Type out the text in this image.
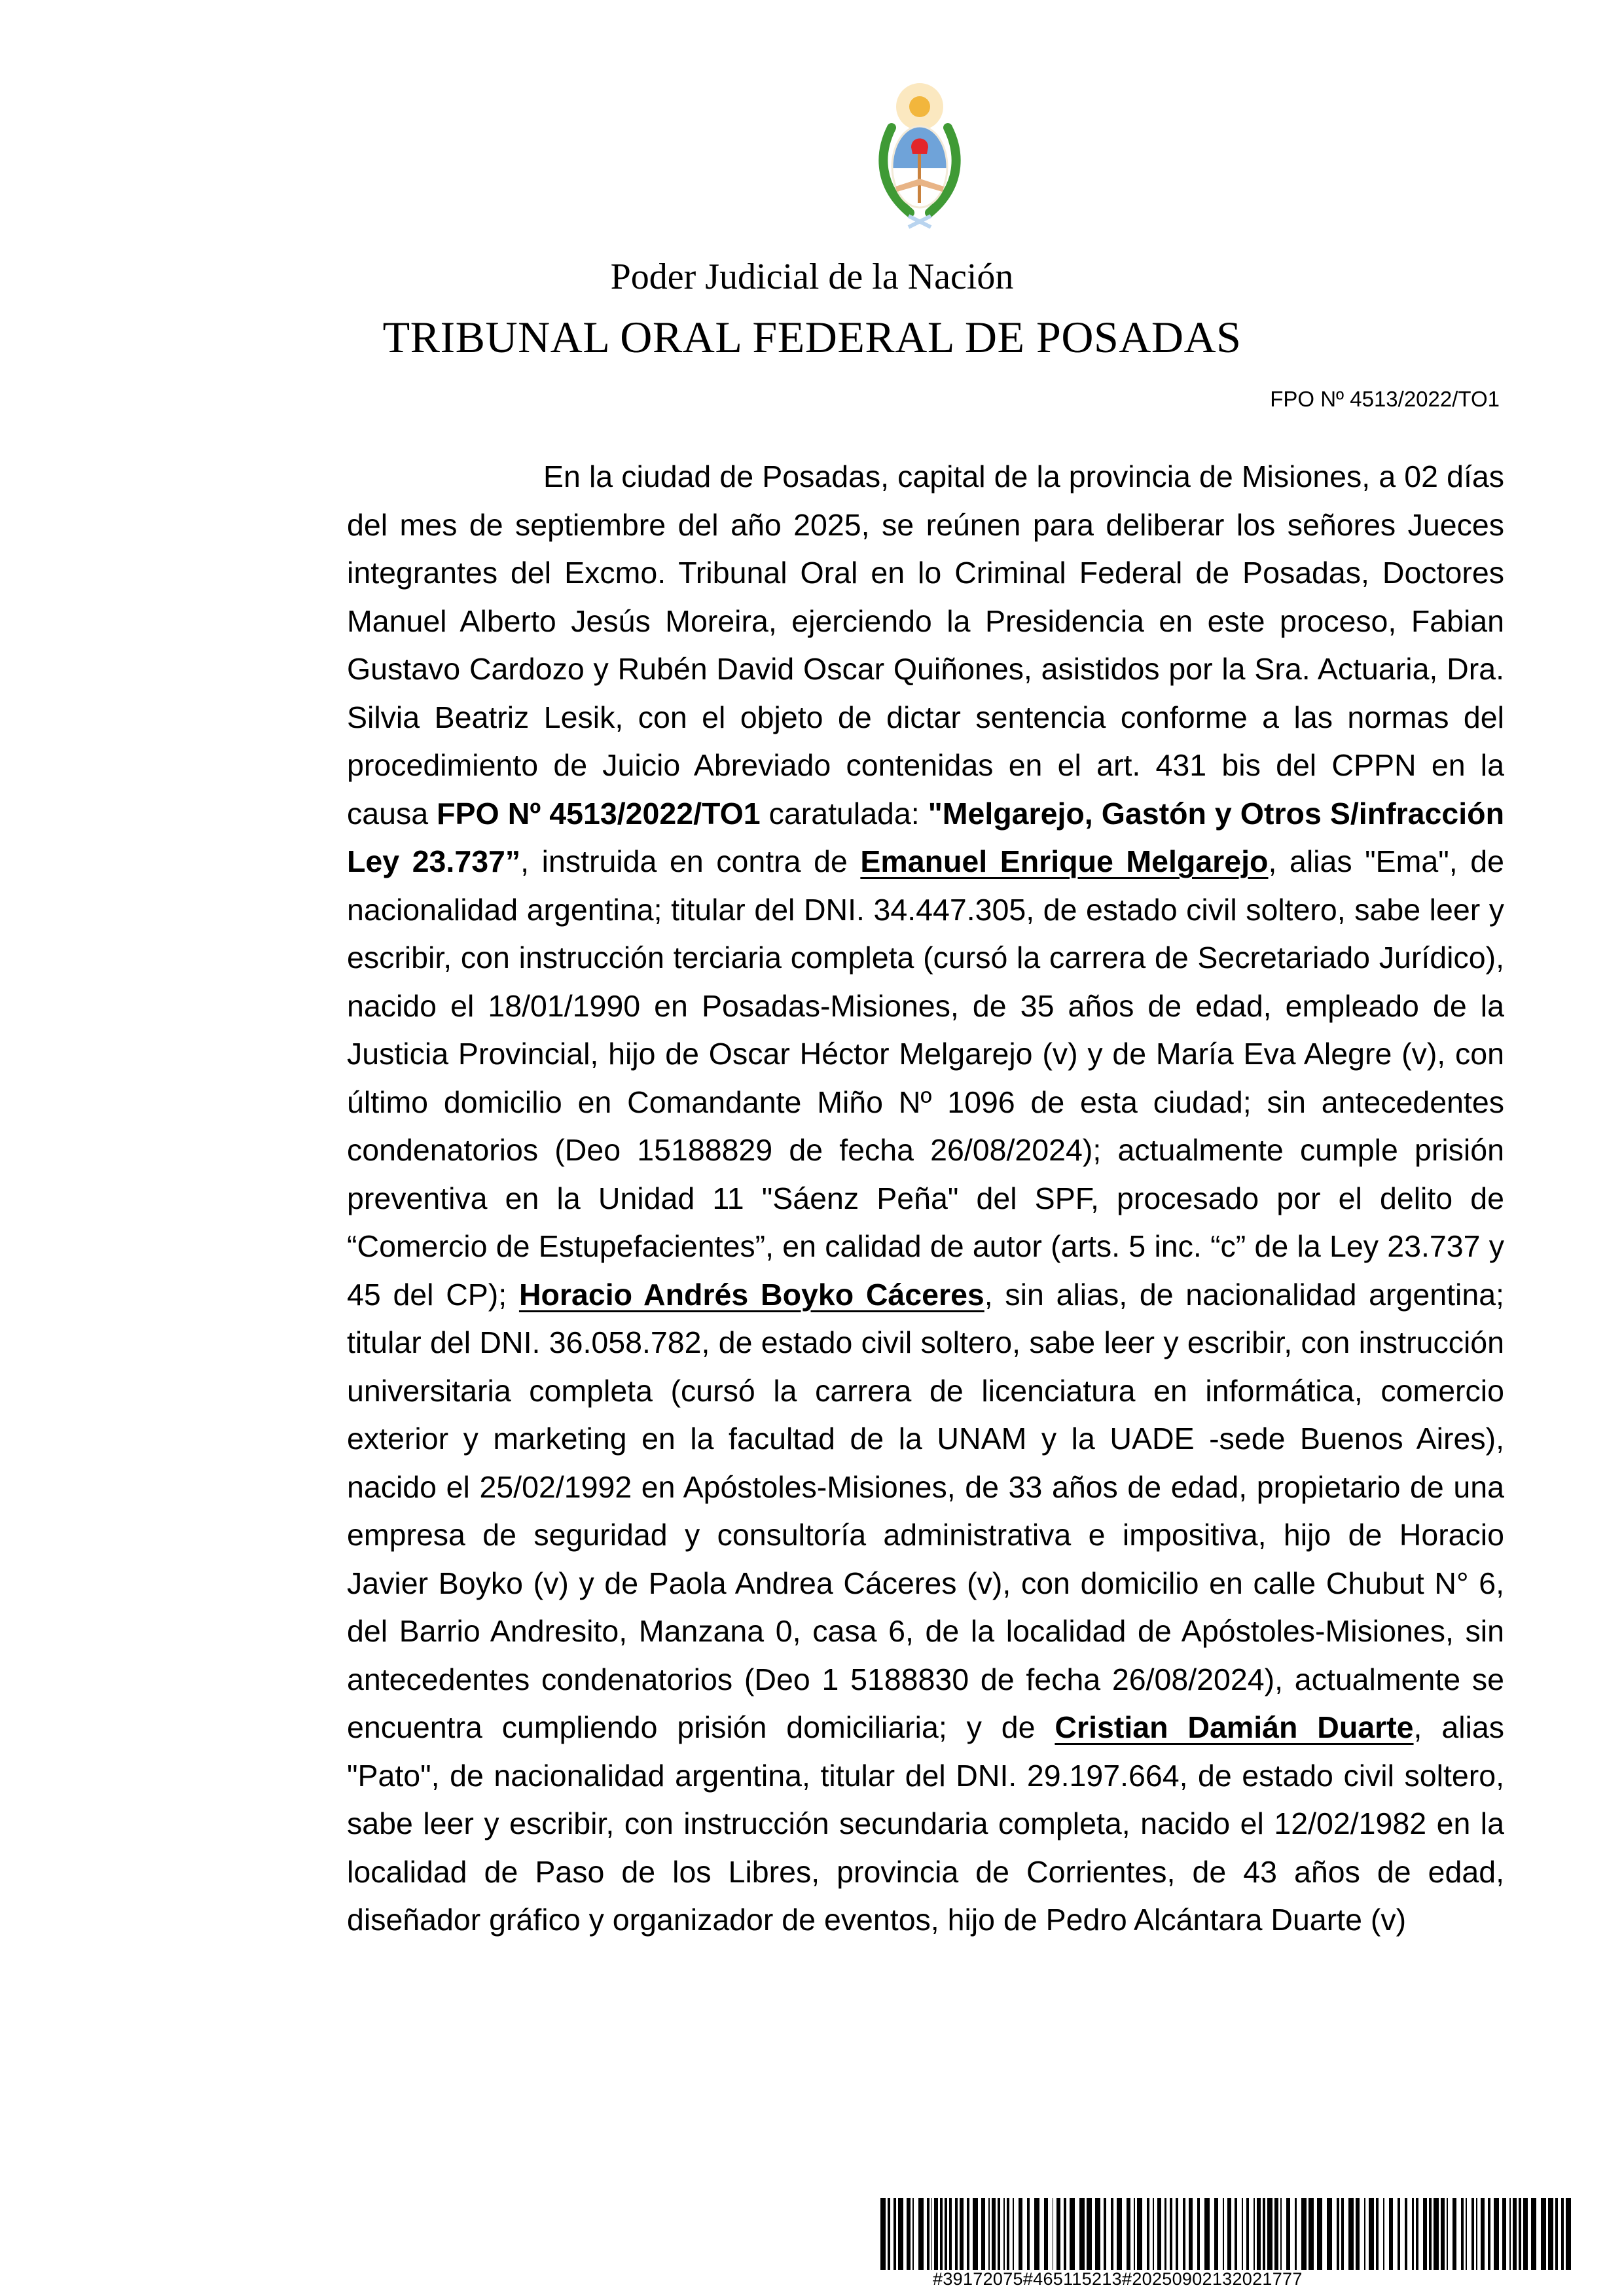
Poder Judicial de la Nación
TRIBUNAL ORAL FEDERAL DE POSADAS
FPO Nº 4513/2022/TO1

En la ciudad de Posadas, capital de la provincia de Misiones, a 02 días del mes de septiembre del año 2025, se reúnen para deliberar los señores Jueces integrantes del Excmo. Tribunal Oral en lo Criminal Federal de Posadas, Doctores Manuel Alberto Jesús Moreira, ejerciendo la Presidencia en este proceso, Fabian Gustavo Cardozo y Rubén David Oscar Quiñones, asistidos por la Sra. Actuaria, Dra. Silvia Beatriz Lesik, con el objeto de dictar sentencia conforme a las normas del procedimiento de Juicio Abreviado contenidas en el art. 431 bis del CPPN en la causa FPO Nº 4513/2022/TO1 caratulada: "Melgarejo, Gastón y Otros S/infracción Ley 23.737”, instruida en contra de Emanuel Enrique Melgarejo, alias "Ema", de nacionalidad argentina; titular del DNI. 34.447.305, de estado civil soltero, sabe leer y escribir, con instrucción terciaria completa (cursó la carrera de Secretariado Jurídico), nacido el 18/01/1990 en Posadas-Misiones, de 35 años de edad, empleado de la Justicia Provincial, hijo de Oscar Héctor Melgarejo (v) y de María Eva Alegre (v), con último domicilio en Comandante Miño Nº 1096 de esta ciudad; sin antecedentes condenatorios (Deo 15188829 de fecha 26/08/2024); actualmente cumple prisión preventiva en la Unidad 11 "Sáenz Peña" del SPF, procesado por el delito de “Comercio de Estupefacientes”, en calidad de autor (arts. 5 inc. “c” de la Ley 23.737 y 45 del CP); Horacio Andrés Boyko Cáceres, sin alias, de nacionalidad argentina; titular del DNI. 36.058.782, de estado civil soltero, sabe leer y escribir, con instrucción universitaria completa (cursó la carrera de licenciatura en informática, comercio exterior y marketing en la facultad de la UNAM y la UADE -sede Buenos Aires), nacido el 25/02/1992 en Apóstoles-Misiones, de 33 años de edad, propietario de una empresa de seguridad y consultoría administrativa e impositiva, hijo de Horacio Javier Boyko (v) y de Paola Andrea Cáceres (v), con domicilio en calle Chubut N° 6, del Barrio Andresito, Manzana 0, casa 6, de la localidad de Apóstoles-Misiones, sin antecedentes condenatorios (Deo 1 5188830 de fecha 26/08/2024), actualmente se encuentra cumpliendo prisión domiciliaria; y de Cristian Damián Duarte, alias "Pato", de nacionalidad argentina, titular del DNI. 29.197.664, de estado civil soltero, sabe leer y escribir, con instrucción secundaria completa, nacido el 12/02/1982 en la localidad de Paso de los Libres, provincia de Corrientes, de 43 años de edad, diseñador gráfico y organizador de eventos, hijo de Pedro Alcántara Duarte (v)

#39172075#465115213#20250902132021777
